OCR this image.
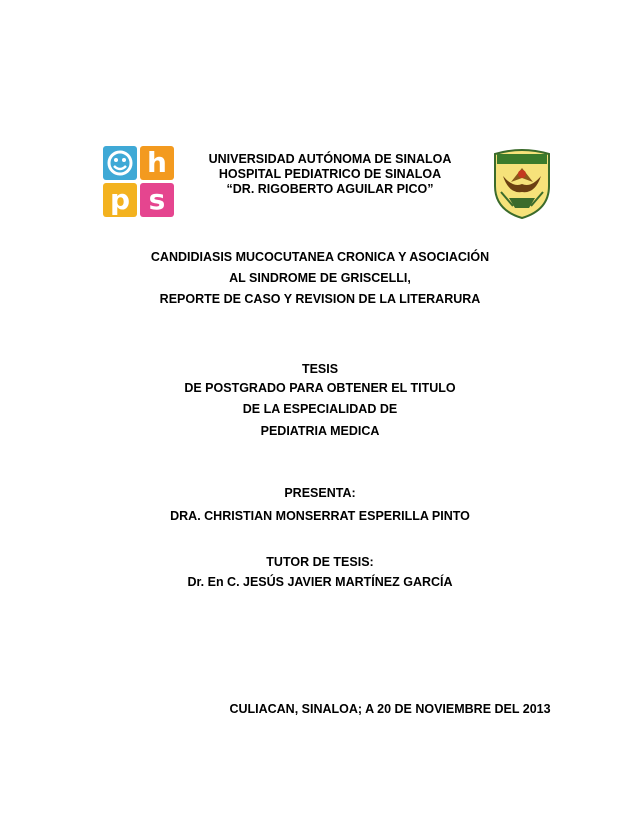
h
p s
UNIVERSIDAD AUTÓNOMA DE SINALOA
HOSPITAL PEDIATRICO DE SINALOA
“DR. RIGOBERTO AGUILAR PICO”
CANDIDIASIS MUCOCUTANEA CRONICA Y ASOCIACIÓN
AL SINDROME DE GRISCELLI,
REPORTE DE CASO Y REVISION DE LA LITERARURA
TESIS
DE POSTGRADO PARA OBTENER EL TITULO
DE LA ESPECIALIDAD DE
PEDIATRIA MEDICA
PRESENTA:
DRA. CHRISTIAN MONSERRAT ESPERILLA PINTO
TUTOR DE TESIS:
Dr. En C. JESÚS JAVIER MARTÍNEZ GARCÍA
CULIACAN, SINALOA; A 20 DE NOVIEMBRE DEL 2013
